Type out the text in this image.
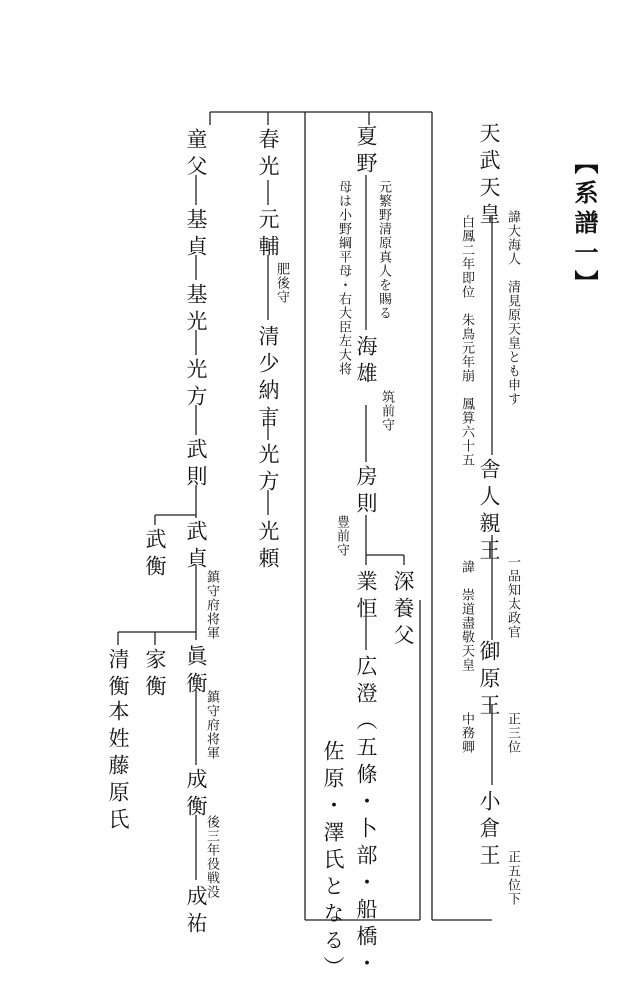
【系譜一】
天武天皇
諱大海人　清見原天皇とも申す
白鳳二年即位　朱鳥元年崩　鳳算六十五
舎人親王
一品知太政官
諱　崇道盡敬天皇
御原王
正三位
中務卿
小倉王
正五位下
夏野
元繁野清原真人を賜る
母は小野綱平母・右大臣左大将 海雄
筑前守
房則
豊前守
深養父
業恒
広澄（五條・卜部・船橋・
佐原・澤氏となる）
春光
元輔
肥後守
清少納言
光方
光頼
童父
基貞
基光
光方
武則
武衡 武貞
鎮守府将軍
眞衡
鎮守府将軍
家衡
清衡
本姓藤原氏	成衡
後三年役戦没
成祐
